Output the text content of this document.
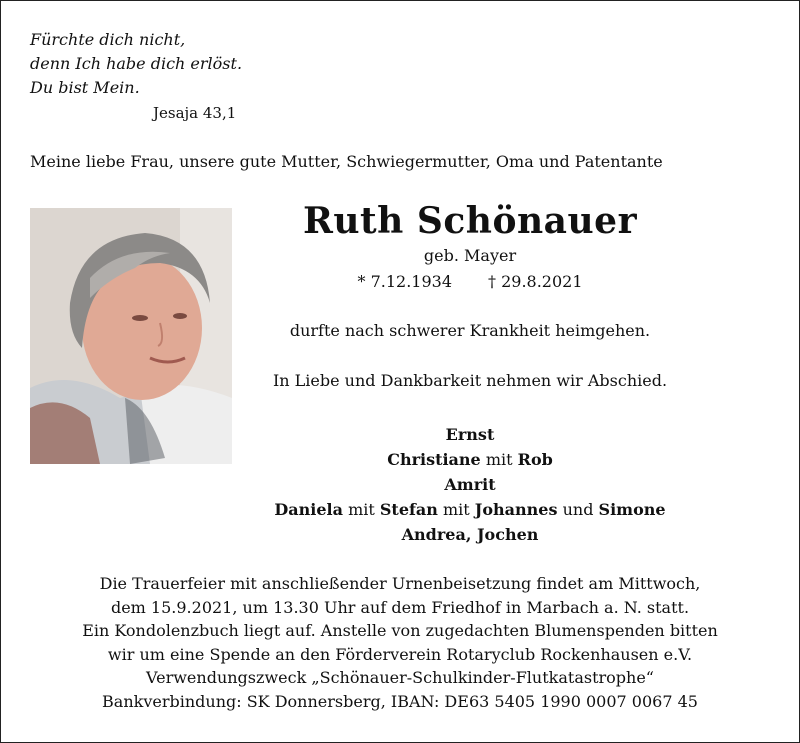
Fürchte dich nicht,
denn Ich habe dich erlöst.
Du bist Mein.
Jesaja 43,1
Meine liebe Frau, unsere gute Mutter, Schwiegermutter, Oma und Patentante
Ruth Schönauer
geb. Mayer
* 7.12.1934 † 29.8.2021
durfte nach schwerer Krankheit heimgehen.
In Liebe und Dankbarkeit nehmen wir Abschied.
Ernst
Christiane mit Rob
Amrit
Daniela mit Stefan mit Johannes und Simone
Andrea, Jochen
Die Trauerfeier mit anschließender Urnenbeisetzung findet am Mittwoch,
dem 15.9.2021, um 13.30 Uhr auf dem Friedhof in Marbach a. N. statt.
Ein Kondolenzbuch liegt auf. Anstelle von zugedachten Blumenspenden bitten
wir um eine Spende an den Förderverein Rotaryclub Rockenhausen e.V.
Verwendungszweck „Schönauer-Schulkinder-Flutkatastrophe“
Bankverbindung: SK Donnersberg, IBAN: DE63 5405 1990 0007 0067 45
